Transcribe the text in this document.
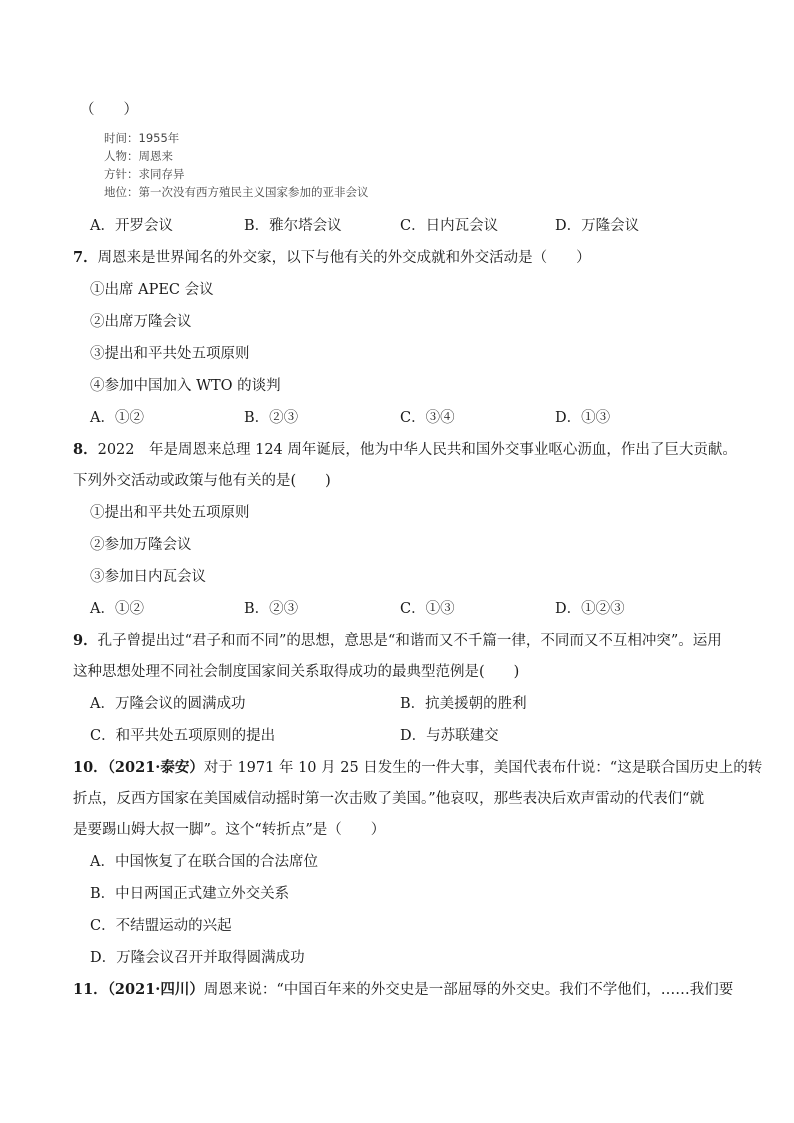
（　　）
时间：1955年
人物：周恩来
方针：求同存异
地位：第一次没有西方殖民主义国家参加的亚非会议
A．开罗会议	B．雅尔塔会议	C．日内瓦会议	D．万隆会议
7．周恩来是世界闻名的外交家，以下与他有关的外交成就和外交活动是（　　）
①出席 APEC 会议
②出席万隆会议
③提出和平共处五项原则
④参加中国加入 WTO 的谈判
A．①②	B．②③	C．③④	D．①③
8．2022　年是周恩来总理 124 周年诞辰，他为中华人民共和国外交事业呕心沥血，作出了巨大贡献。
下列外交活动或政策与他有关的是(　　)
①提出和平共处五项原则
②参加万隆会议
③参加日内瓦会议
A．①②	B．②③	C．①③	D．①②③
9．孔子曾提出过“君子和而不同”的思想，意思是“和谐而又不千篇一律，不同而又不互相冲突”。运用
这种思想处理不同社会制度国家间关系取得成功的最典型范例是(　　)
A．万隆会议的圆满成功	B．抗美援朝的胜利
C．和平共处五项原则的提出	D．与苏联建交
10．（2021·泰安）对于 1971 年 10 月 25 日发生的一件大事，美国代表布什说：“这是联合国历史上的转
折点，反西方国家在美国威信动摇时第一次击败了美国。”他哀叹，那些表决后欢声雷动的代表们“就
是要踢山姆大叔一脚”。这个“转折点”是（　　）
A．中国恢复了在联合国的合法席位
B．中日两国正式建立外交关系
C．不结盟运动的兴起
D．万隆会议召开并取得圆满成功
11．（2021·四川）周恩来说：“中国百年来的外交史是一部屈辱的外交史。我们不学他们，……我们要
